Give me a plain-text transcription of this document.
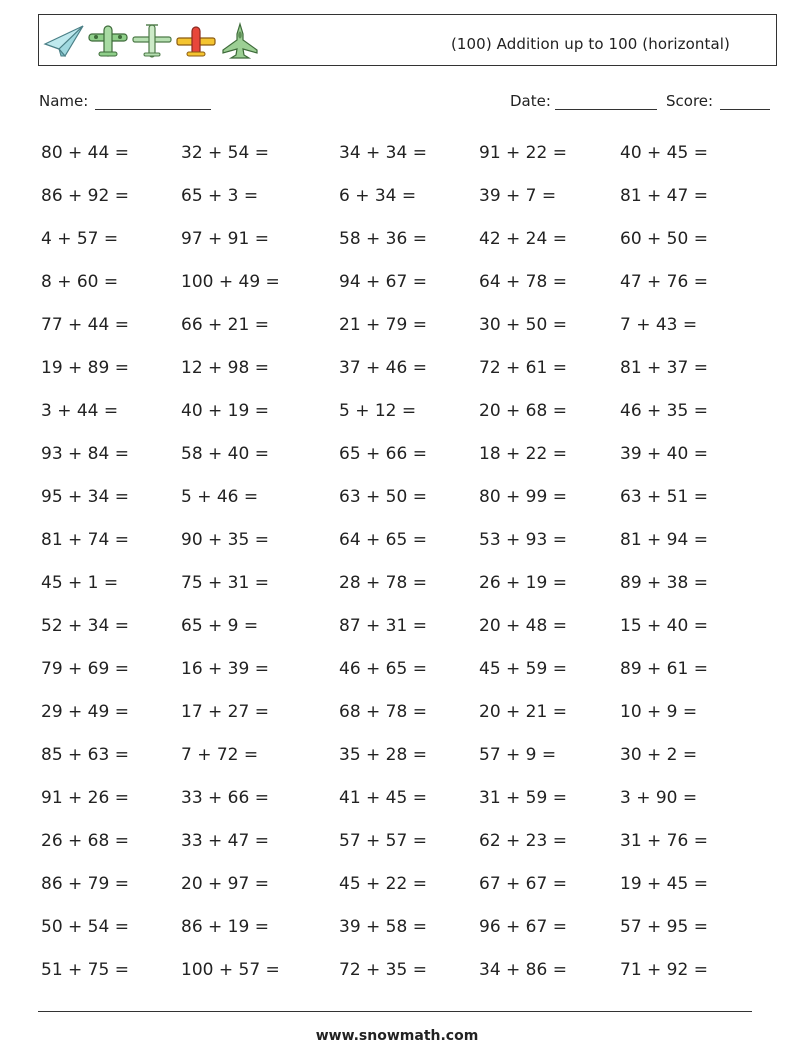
(100) Addition up to 100 (horizontal)
Name:	Date:	Score:
80 + 44 =	32 + 54 =	34 + 34 =	91 + 22 =	40 + 45 =
86 + 92 =	65 + 3 =	6 + 34 =	39 + 7 =	81 + 47 =
4 + 57 =	97 + 91 =	58 + 36 =	42 + 24 =	60 + 50 =
8 + 60 =	100 + 49 =	94 + 67 =	64 + 78 =	47 + 76 =
77 + 44 =	66 + 21 =	21 + 79 =	30 + 50 =	7 + 43 =
19 + 89 =	12 + 98 =	37 + 46 =	72 + 61 =	81 + 37 =
3 + 44 =	40 + 19 =	5 + 12 =	20 + 68 =	46 + 35 =
93 + 84 =	58 + 40 =	65 + 66 =	18 + 22 =	39 + 40 =
95 + 34 =	5 + 46 =	63 + 50 =	80 + 99 =	63 + 51 =
81 + 74 =	90 + 35 =	64 + 65 =	53 + 93 =	81 + 94 =
45 + 1 =	75 + 31 =	28 + 78 =	26 + 19 =	89 + 38 =
52 + 34 =	65 + 9 =	87 + 31 =	20 + 48 =	15 + 40 =
79 + 69 =	16 + 39 =	46 + 65 =	45 + 59 =	89 + 61 =
29 + 49 =	17 + 27 =	68 + 78 =	20 + 21 =	10 + 9 =
85 + 63 =	7 + 72 =	35 + 28 =	57 + 9 =	30 + 2 =
91 + 26 =	33 + 66 =	41 + 45 =	31 + 59 =	3 + 90 =
26 + 68 =	33 + 47 =	57 + 57 =	62 + 23 =	31 + 76 =
86 + 79 =	20 + 97 =	45 + 22 =	67 + 67 =	19 + 45 =
50 + 54 =	86 + 19 =	39 + 58 =	96 + 67 =	57 + 95 =
51 + 75 =	100 + 57 =	72 + 35 =	34 + 86 =	71 + 92 =
www.snowmath.com
